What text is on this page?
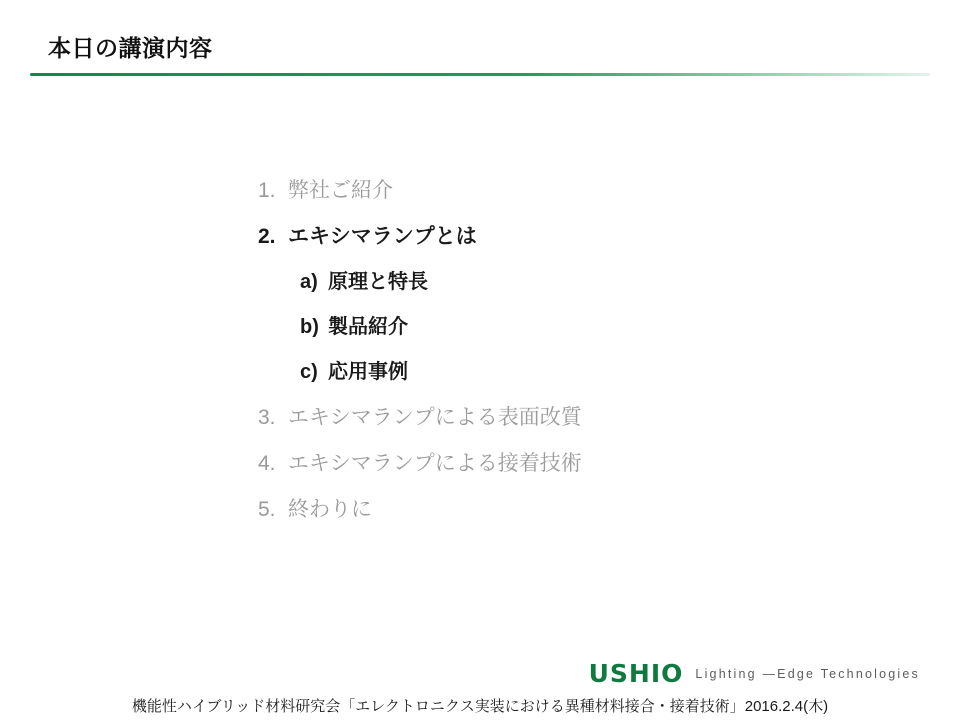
本日の講演内容
1. 弊社ご紹介
2. エキシマランプとは
a) 原理と特長
b) 製品紹介
c) 応用事例
3. エキシマランプによる表面改質
4. エキシマランプによる接着技術
5. 終わりに
USHIO Lighting —Edge Technologies
機能性ハイブリッド材料研究会「エレクトロニクス実装における異種材料接合・接着技術」2016.2.4(木)
